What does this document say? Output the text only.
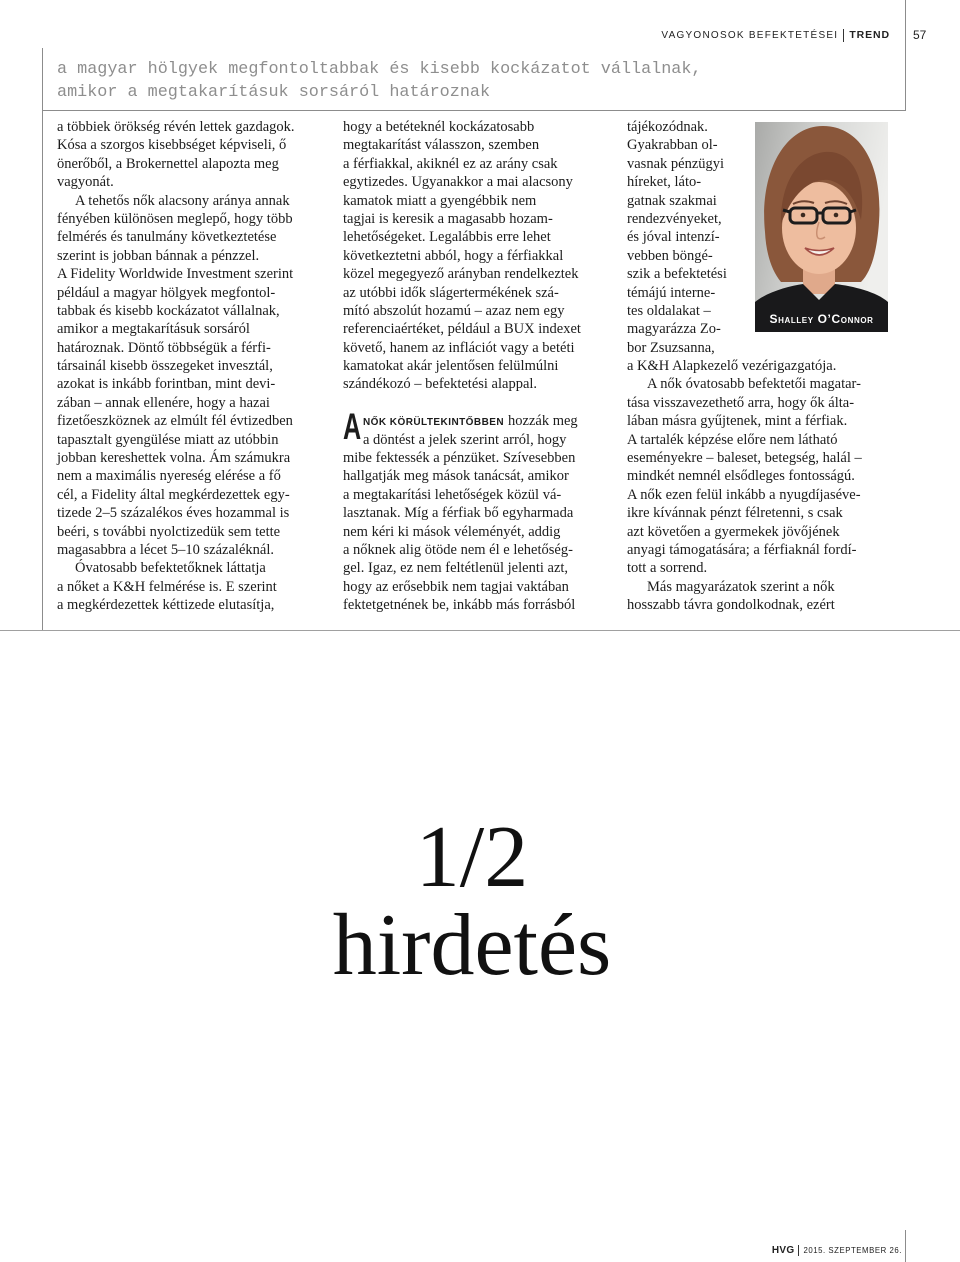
VAGYONOSOK BEFEKTETÉSEI TREND 57
a magyar hölgyek megfontoltabbak és kisebb kockázatot vállalnak,
amikor a megtakarításuk sorsáról határoznak
a többiek örökség révén lettek gazdagok.
Kósa a szorgos kisebbséget képviseli, ő
önerőből, a Brokernettel alapozta meg
vagyonát.
A tehetős nők alacsony aránya annak
fényében különösen meglepő, hogy több
felmérés és tanulmány következtetése
szerint is jobban bánnak a pénzzel.
A Fidelity Worldwide Investment szerint
például a magyar hölgyek megfontol-
tabbak és kisebb kockázatot vállalnak,
amikor a megtakarításuk sorsáról
határoznak. Döntő többségük a férfi-
társainál kisebb összegeket invesztál,
azokat is inkább forintban, mint devi-
zában – annak ellenére, hogy a hazai
fizetőeszköznek az elmúlt fél évtizedben
tapasztalt gyengülése miatt az utóbbin
jobban kereshettek volna. Ám számukra
nem a maximális nyereség elérése a fő
cél, a Fidelity által megkérdezettek egy-
tizede 2–5 százalékos éves hozammal is
beéri, s további nyolctizedük sem tette
magasabbra a lécet 5–10 százaléknál.
Óvatosabb befektetőknek láttatja
a nőket a K&H felmérése is. E szerint
a megkérdezettek kéttizede elutasítja,
hogy a betéteknél kockázatosabb
megtakarítást válasszon, szemben
a férfiakkal, akiknél ez az arány csak
egytizedes. Ugyanakkor a mai alacsony
kamatok miatt a gyengébbik nem
tagjai is keresik a magasabb hozam-
lehetőségeket. Legalábbis erre lehet
következtetni abból, hogy a férfiakkal
közel megegyező arányban rendelkeztek
az utóbbi idők slágertermékének szá-
mító abszolút hozamú – azaz nem egy
referenciaértéket, például a BUX indexet
követő, hanem az inflációt vagy a betéti
kamatokat akár jelentősen felülmúlni
szándékozó – befektetési alappal.
A NŐK KÖRÜLTEKINTŐBBEN hozzák meg
a döntést a jelek szerint arról, hogy
mibe fektessék a pénzüket. Szívesebben
hallgatják meg mások tanácsát, amikor
a megtakarítási lehetőségek közül vá-
lasztanak. Míg a férfiak bő egyharmada
nem kéri ki mások véleményét, addig
a nőknek alig ötöde nem él e lehetőség-
gel. Igaz, ez nem feltétlenül jelenti azt,
hogy az erősebbik nem tagjai vaktában
fektetgetnének be, inkább más forrásból
tájékozódnak.
Gyakrabban ol-
vasnak pénzügyi
híreket, láto-
gatnak szakmai
rendezvényeket,
és jóval intenzí-
vebben böngé-
szik a befektetési
témájú interne-
tes oldalakat –
magyarázza Zo-
bor Zsuzsanna,
a K&H Alapkezelő vezérigazgatója.
A nők óvatosabb befektetői magatar-
tása visszavezethető arra, hogy ők álta-
lában másra gyűjtenek, mint a férfiak.
A tartalék képzése előre nem látható
eseményekre – baleset, betegség, halál –
mindkét nemnél elsődleges fontosságú.
A nők ezen felül inkább a nyugdíjaséve-
ikre kívánnak pénzt félretenni, s csak
azt követően a gyermekek jövőjének
anyagi támogatására; a férfiaknál fordí-
tott a sorrend.
Más magyarázatok szerint a nők
hosszabb távra gondolkodnak, ezért
Shalley O’Connor
1/2
hirdetés
HVG 2015. SZEPTEMBER 26.
